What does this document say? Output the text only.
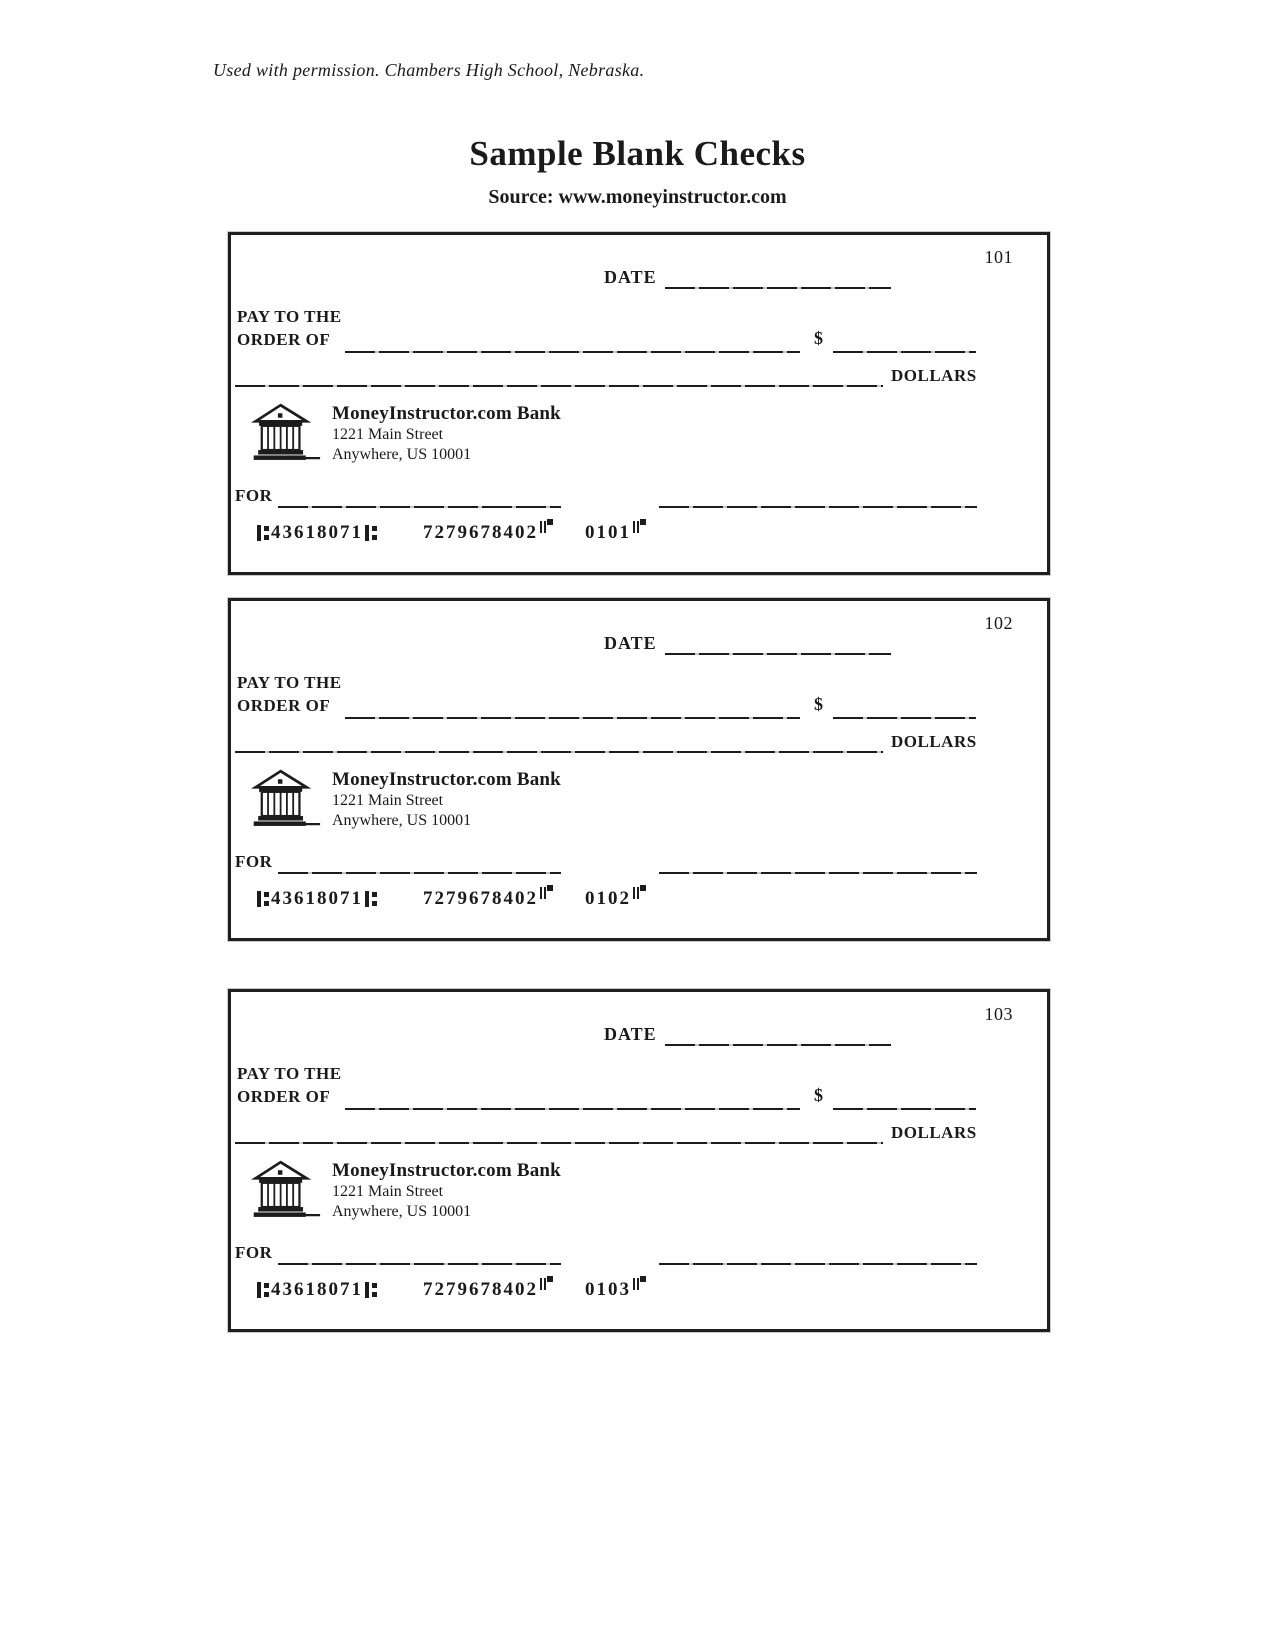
Used with permission. Chambers High School, Nebraska.
Sample Blank Checks
Source: www.moneyinstructor.com
101
DATE
PAY TO THE
ORDER OF	$
DOLLARS
MoneyInstructor.com Bank
1221 Main Street
Anywhere, US 10001
FOR
43618071	7279678402 0101
102
DATE
PAY TO THE
ORDER OF	$
DOLLARS
MoneyInstructor.com Bank
1221 Main Street
Anywhere, US 10001
FOR
43618071	7279678402 0102
103
DATE
PAY TO THE
ORDER OF	$
DOLLARS
MoneyInstructor.com Bank
1221 Main Street
Anywhere, US 10001
FOR
43618071	7279678402 0103
